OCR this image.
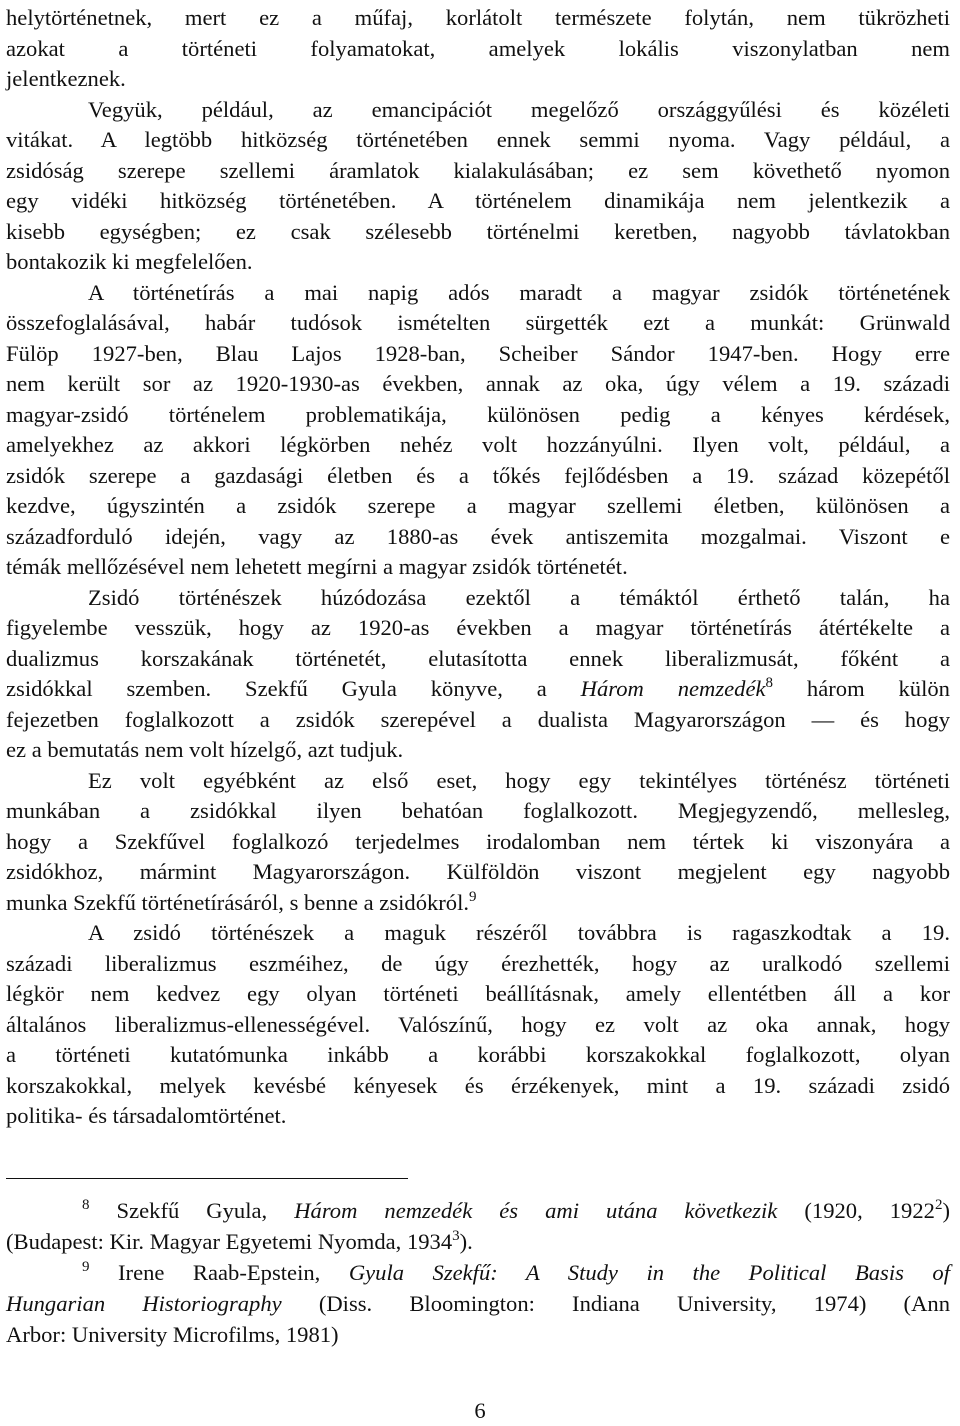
helytörténetnek, mert ez a műfaj, korlátolt természete folytán, nem tükrözheti
azokat a történeti folyamatokat, amelyek lokális viszonylatban nem
jelentkeznek.
Vegyük, például, az emancipációt megelőző országgyűlési és közéleti
vitákat. A legtöbb hitközség történetében ennek semmi nyoma. Vagy például, a
zsidóság szerepe szellemi áramlatok kialakulásában; ez sem követhető nyomon
egy vidéki hitközség történetében. A történelem dinamikája nem jelentkezik a
kisebb egységben; ez csak szélesebb történelmi keretben, nagyobb távlatokban
bontakozik ki megfelelően.
A történetírás a mai napig adós maradt a magyar zsidók történetének
összefoglalásával, habár tudósok ismételten sürgették ezt a munkát: Grünwald
Fülöp 1927-ben, Blau Lajos 1928-ban, Scheiber Sándor 1947-ben. Hogy erre
nem került sor az 1920-1930-as években, annak az oka, úgy vélem a 19. századi
magyar-zsidó történelem problematikája, különösen pedig a kényes kérdések,
amelyekhez az akkori légkörben nehéz volt hozzányúlni. Ilyen volt, például, a
zsidók szerepe a gazdasági életben és a tőkés fejlődésben a 19. század közepétől
kezdve, úgyszintén a zsidók szerepe a magyar szellemi életben, különösen a
századforduló idején, vagy az 1880-as évek antiszemita mozgalmai. Viszont e
témák mellőzésével nem lehetett megírni a magyar zsidók történetét.
Zsidó történészek húzódozása ezektől a témáktól érthető talán, ha
figyelembe vesszük, hogy az 1920-as években a magyar történetírás átértékelte a
dualizmus korszakának történetét, elutasította ennek liberalizmusát, főként a
zsidókkal szemben. Szekfű Gyula könyve, a Három nemzedék$^8$ három külön
fejezetben foglalkozott a zsidók szerepével a dualista Magyarországon — és hogy
ez a bemutatás nem volt hízelgő, azt tudjuk.
Ez volt egyébként az első eset, hogy egy tekintélyes történész történeti
munkában a zsidókkal ilyen behatóan foglalkozott. Megjegyzendő, mellesleg,
hogy a Szekfűvel foglalkozó terjedelmes irodalomban nem tértek ki viszonyára a
zsidókhoz, mármint Magyarországon. Külföldön viszont megjelent egy nagyobb
munka Szekfű történetírásáról, s benne a zsidókról.$^9$
A zsidó történészek a maguk részéről továbbra is ragaszkodtak a 19.
századi liberalizmus eszméihez, de úgy érezhették, hogy az uralkodó szellemi
légkör nem kedvez egy olyan történeti beállításnak, amely ellentétben áll a kor
általános liberalizmus-ellenességével. Valószínű, hogy ez volt az oka annak, hogy
a történeti kutatómunka inkább a korábbi korszakokkal foglalkozott, olyan
korszakokkal, melyek kevésbé kényesek és érzékenyek, mint a 19. századi zsidó
politika- és társadalomtörténet.
$^8$ Szekfű Gyula, Három nemzedék és ami utána következik (1920, 1922$^2$)
(Budapest: Kir. Magyar Egyetemi Nyomda, 1934$^3$).
$^9$ Irene Raab-Epstein, Gyula Szekfű: A Study in the Political Basis of
Hungarian Historiography (Diss. Bloomington: Indiana University, 1974) (Ann
Arbor: University Microfilms, 1981)
6
